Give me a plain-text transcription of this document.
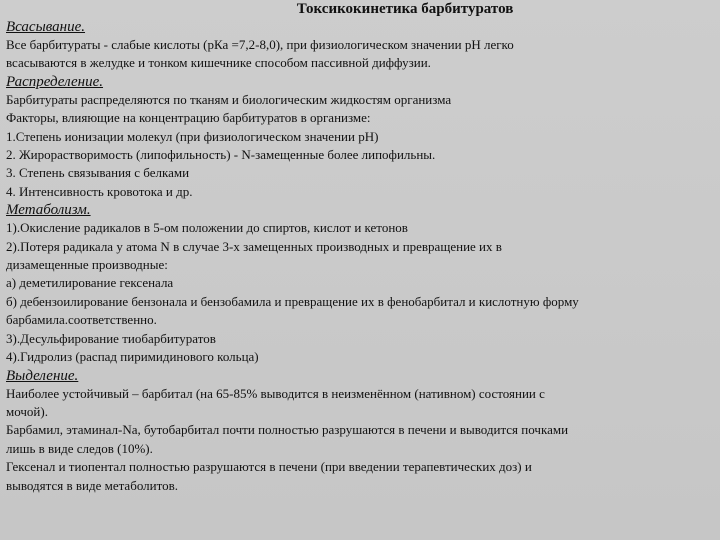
Токсикокинетика барбитуратов
Всасывание.
Все барбитураты - слабые кислоты (рКа =7,2-8,0), при физиологическом значении рН легко
всасываются в желудке и тонком кишечнике способом пассивной диффузии.
Распределение.
Барбитураты распределяются по тканям и биологическим жидкостям организма
Факторы, влияющие на концентрацию барбитуратов в организме:
1.Степень ионизации молекул (при физиологическом значении рН)
2. Жирорастворимость (липофильность) - N-замещенные более липофильны.
3. Степень связывания с белками
4. Интенсивность кровотока и др.
Метаболизм.
1).Окисление радикалов в 5-ом положении до спиртов, кислот и кетонов
2).Потеря радикала у атома N в случае 3-х замещенных производных и превращение их в
дизамещенные производные:
а) деметилирование гексенала
б) дебензоилирование бензонала и бензобамила и превращение их в фенобарбитал и кислотную форму
барбамила.соответственно.
3).Десульфирование тиобарбитуратов
4).Гидролиз (распад пиримидинового кольца)
Выделение.
Наиболее устойчивый – барбитал (на 65-85% выводится в неизменённом (нативном) состоянии с
мочой).
Барбамил, этаминал-Na, бутобарбитал почти полностью разрушаются в печени и выводится почками
лишь в виде следов (10%).
Гексенал и тиопентал полностью разрушаются в печени (при введении терапевтических доз) и
выводятся в виде метаболитов.
